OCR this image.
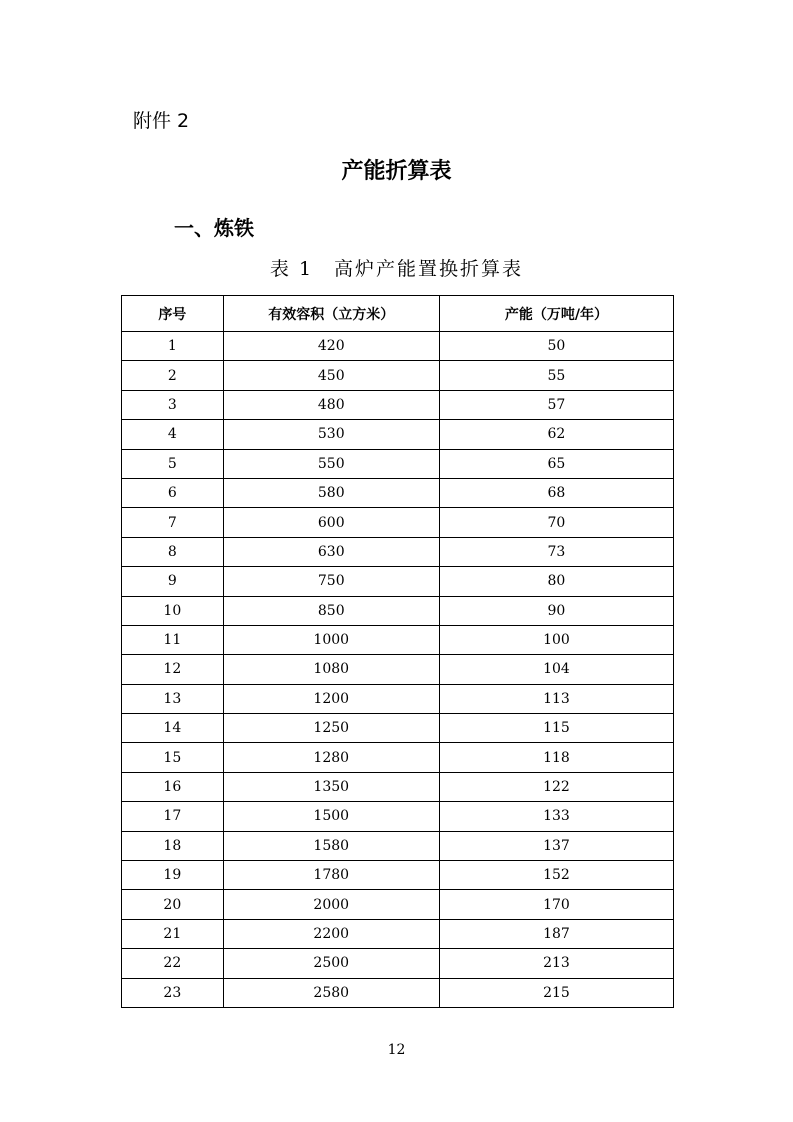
附件 2
产能折算表
一、炼铁
表 1　高炉产能置换折算表
序号	有效容积（立方米）	产能（万吨/年）
1	420	50
2	450	55
3	480	57
4	530	62
5	550	65
6	580	68
7	600	70
8	630	73
9	750	80
10	850	90
11	1000	100
12	1080	104
13	1200	113
14	1250	115
15	1280	118
16	1350	122
17	1500	133
18	1580	137
19	1780	152
20	2000	170
21	2200	187
22	2500	213
23	2580	215
12
